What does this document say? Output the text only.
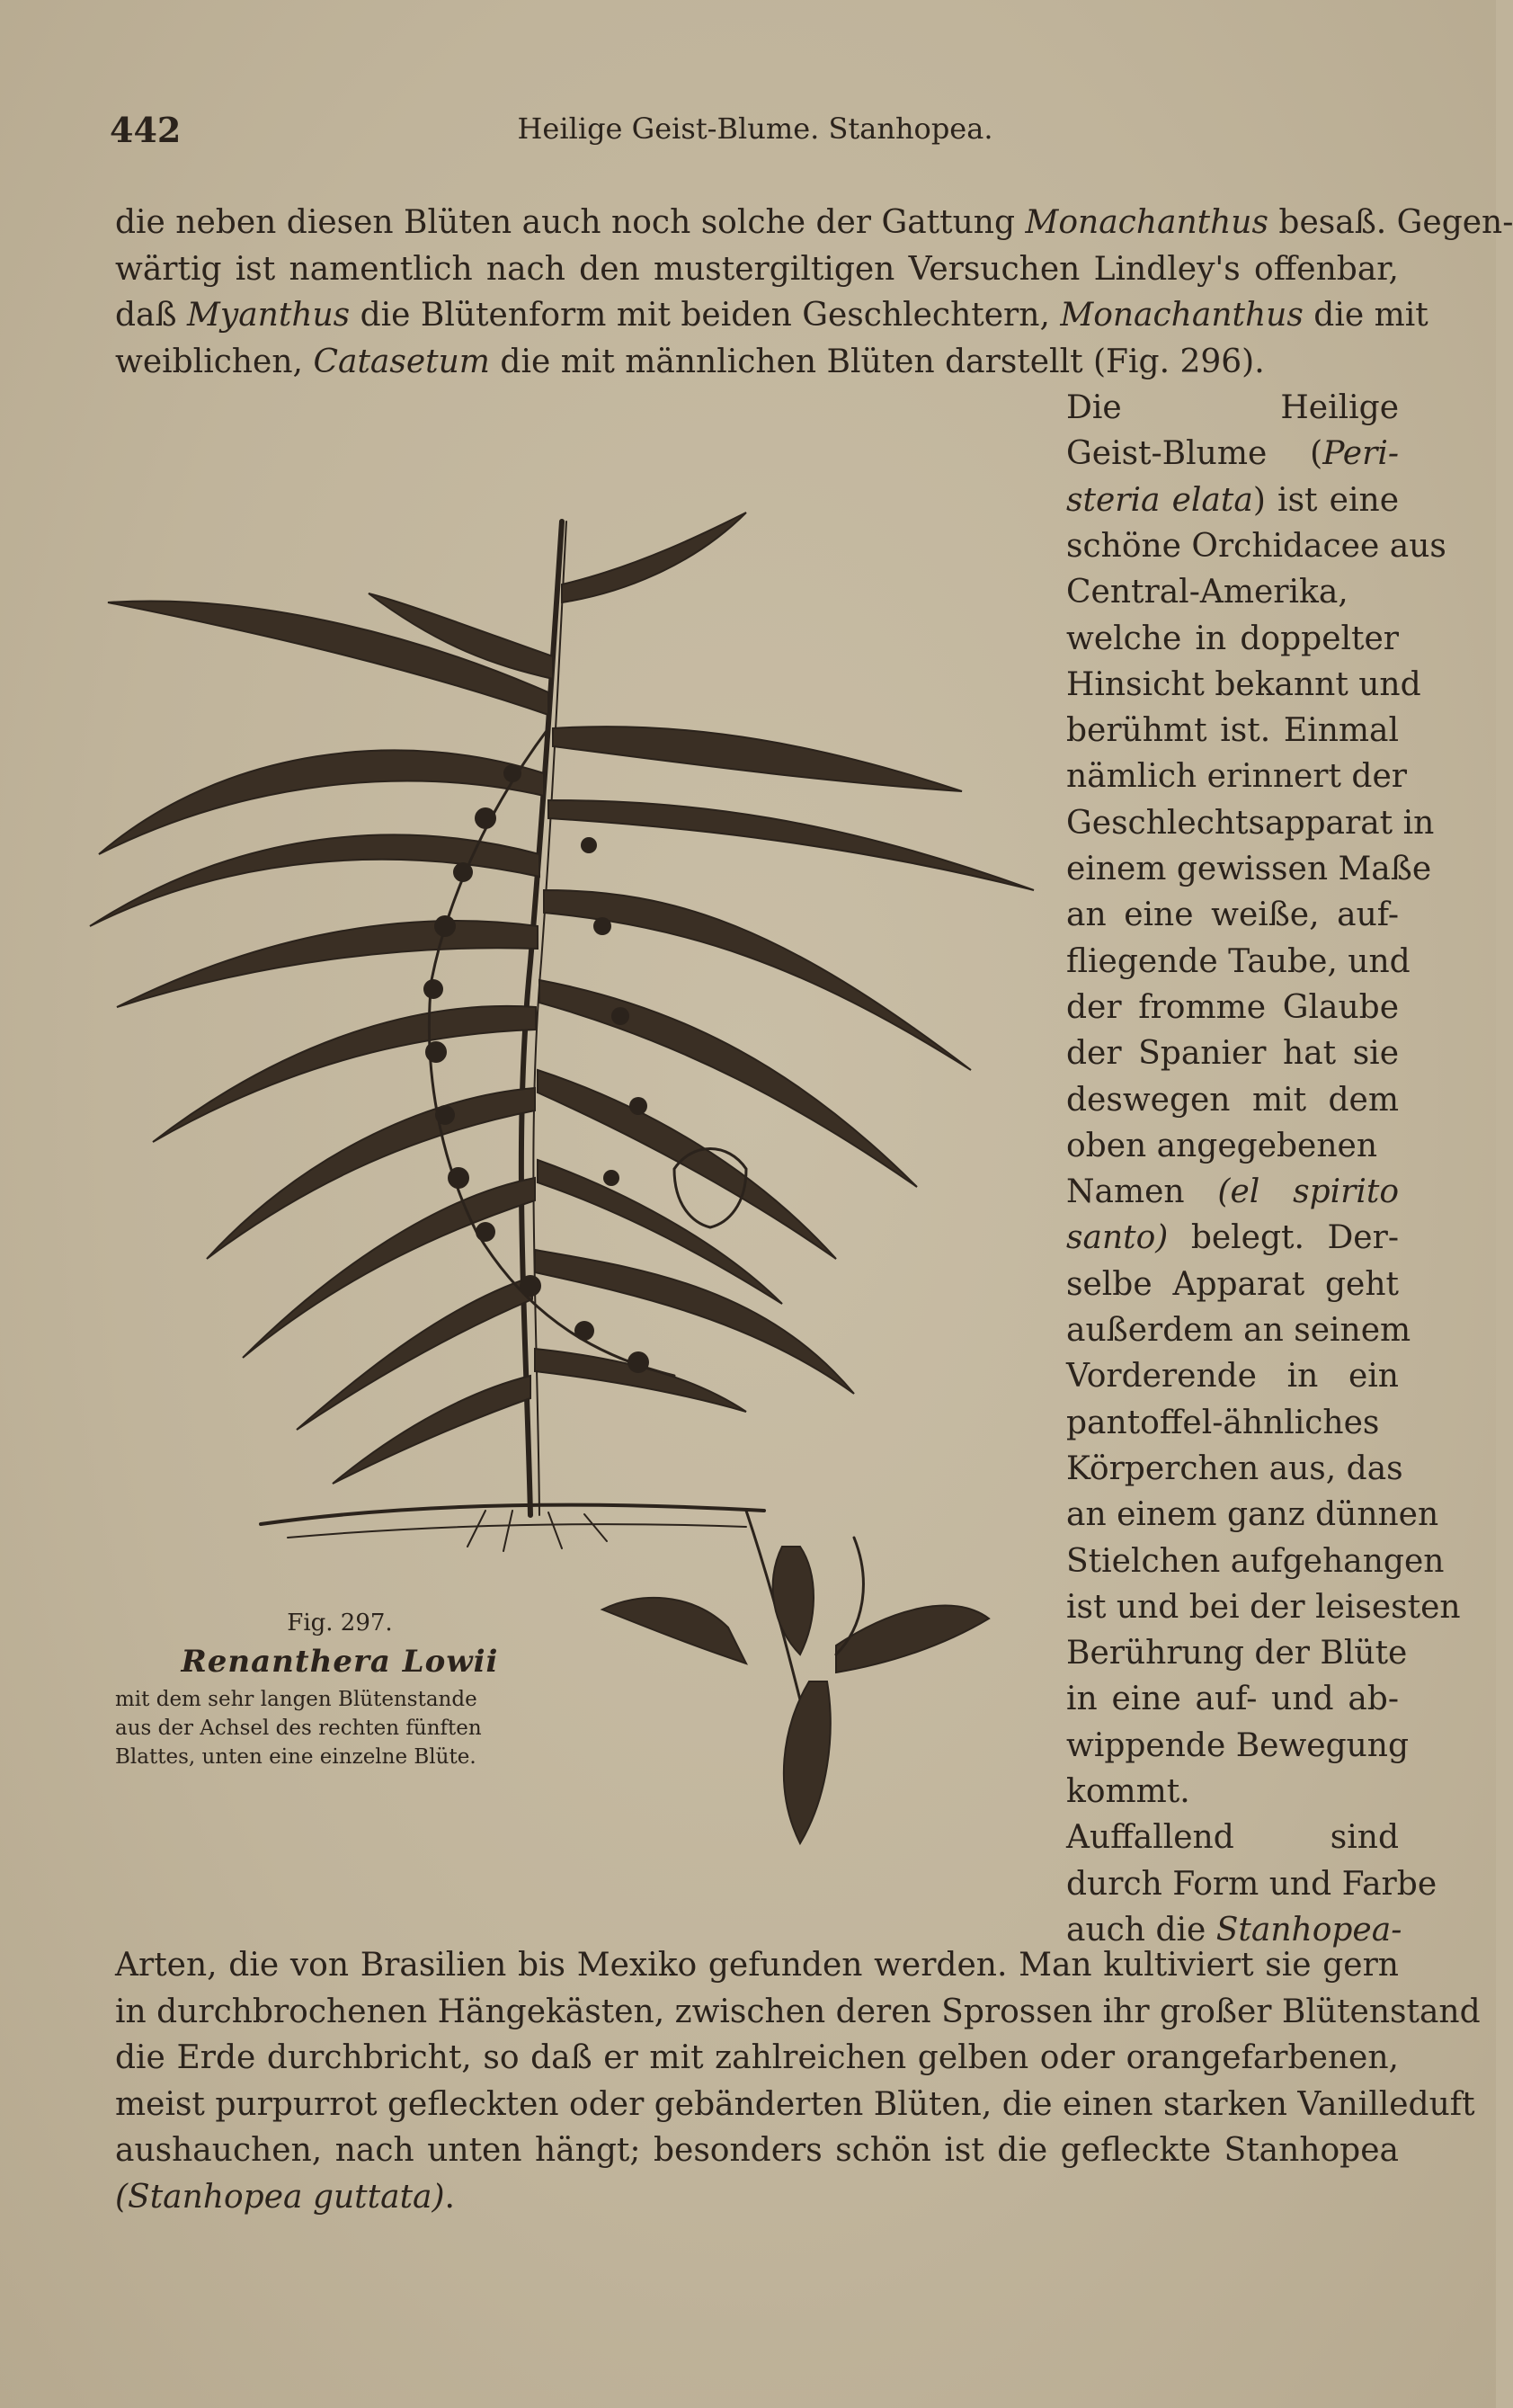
442	Heilige Geist-Blume. Stanhopea.
die neben diesen Blüten auch noch solche der Gattung Monachanthus besaß. Gegen-
wärtig ist namentlich nach den mustergiltigen Versuchen Lindley's offenbar,
daß Myanthus die Blütenform mit beiden Geschlechtern, Monachanthus die mit
weiblichen, Catasetum die mit männlichen Blüten darstellt (Fig. 296).
Die Heilige
Geist-Blume (Peri-
steria elata) ist eine
schöne Orchidacee aus
Central-Amerika,
welche in doppelter
Hinsicht bekannt und
berühmt ist. Einmal
nämlich erinnert der
Geschlechtsapparat in
einem gewissen Maße
an eine weiße, auf-
fliegende Taube, und
der fromme Glaube
der Spanier hat sie
deswegen mit dem
oben angegebenen
Namen (el spirito
santo) belegt. Der-
selbe Apparat geht
außerdem an seinem
Vorderende in ein
pantoffel-ähnliches
Körperchen aus, das
an einem ganz dünnen
Stielchen aufgehangen
ist und bei der leisesten
Berührung der Blüte
in eine auf- und ab-
wippende Bewegung
kommt.
Auffallend sind
durch Form und Farbe
auch die Stanhopea-
Arten, die von Brasilien bis Mexiko gefunden werden. Man kultiviert sie gern
in durchbrochenen Hängekästen, zwischen deren Sprossen ihr großer Blütenstand
die Erde durchbricht, so daß er mit zahlreichen gelben oder orangefarbenen,
meist purpurrot gefleckten oder gebänderten Blüten, die einen starken Vanilleduft
aushauchen, nach unten hängt; besonders schön ist die gefleckte Stanhopea
(Stanhopea guttata).
Fig. 297.
Renanthera Lowii
mit dem sehr langen Blütenstande
aus der Achsel des rechten fünften
Blattes, unten eine einzelne Blüte.
